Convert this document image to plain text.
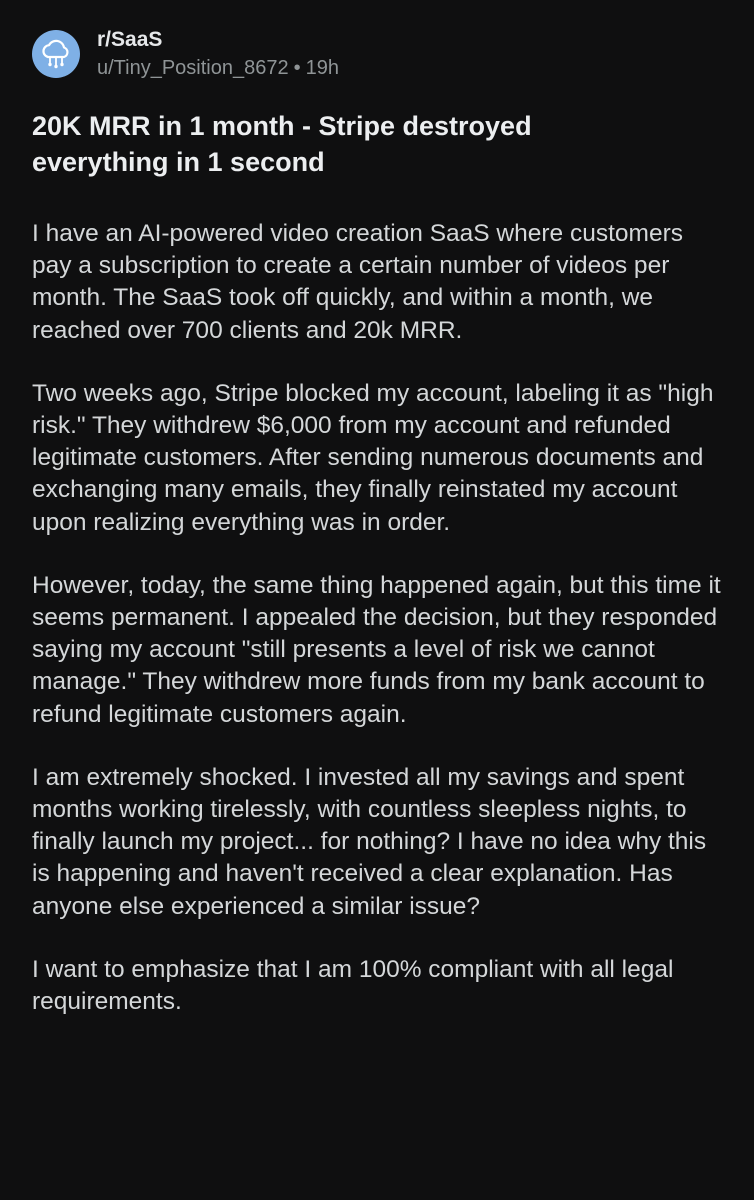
r/SaaS
u/Tiny_Position_8672 • 19h
20K MRR in 1 month - Stripe destroyed everything in 1 second

I have an AI-powered video creation SaaS where customers pay a subscription to create a certain number of videos per month. The SaaS took off quickly, and within a month, we reached over 700 clients and 20k MRR.

Two weeks ago, Stripe blocked my account, labeling it as "high risk." They withdrew $6,000 from my account and refunded legitimate customers. After sending numerous documents and exchanging many emails, they finally reinstated my account upon realizing everything was in order.

However, today, the same thing happened again, but this time it seems permanent. I appealed the decision, but they responded saying my account "still presents a level of risk we cannot manage." They withdrew more funds from my bank account to refund legitimate customers again.

I am extremely shocked. I invested all my savings and spent months working tirelessly, with countless sleepless nights, to finally launch my project... for nothing? I have no idea why this is happening and haven't received a clear explanation. Has anyone else experienced a similar issue?

I want to emphasize that I am 100% compliant with all legal requirements.
